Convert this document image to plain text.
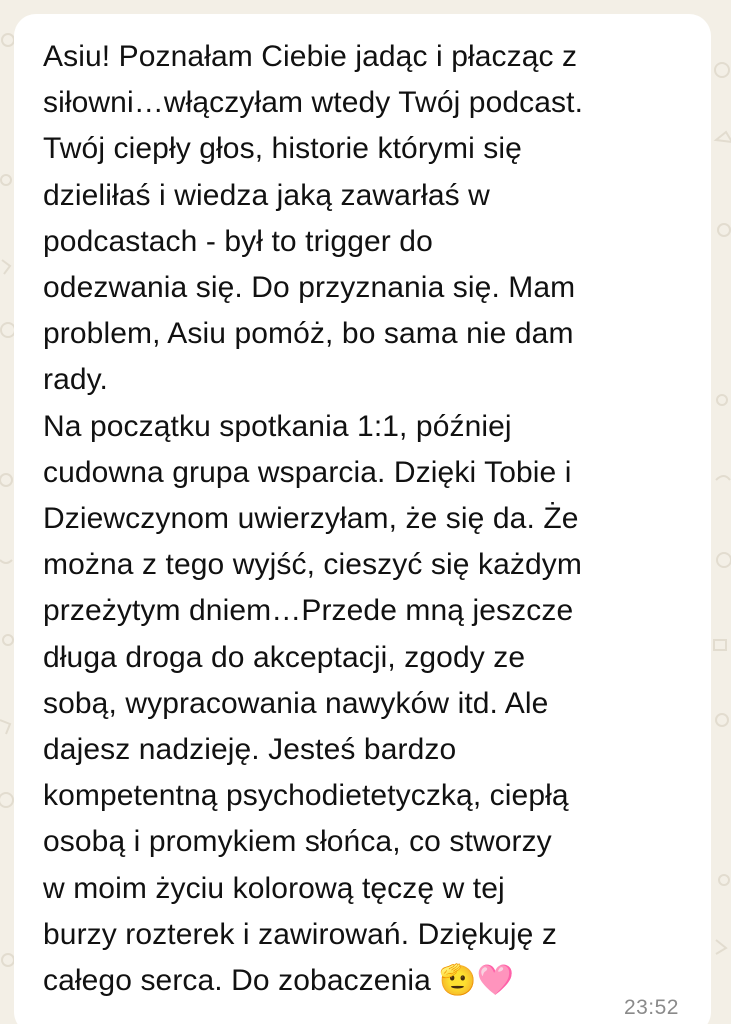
Asiu! Poznałam Ciebie jadąc i płacząc z
siłowni…włączyłam wtedy Twój podcast.
Twój ciepły głos, historie którymi się
dzieliłaś i wiedza jaką zawarłaś w
podcastach - był to trigger do
odezwania się. Do przyznania się. Mam
problem, Asiu pomóż, bo sama nie dam
rady.
Na początku spotkania 1:1, później
cudowna grupa wsparcia. Dzięki Tobie i
Dziewczynom uwierzyłam, że się da. Że
można z tego wyjść, cieszyć się każdym
przeżytym dniem…Przede mną jeszcze
długa droga do akceptacji, zgody ze
sobą, wypracowania nawyków itd. Ale
dajesz nadzieję. Jesteś bardzo
kompetentną psychodietetyczką, ciepłą
osobą i promykiem słońca, co stworzy
w moim życiu kolorową tęczę w tej
burzy rozterek i zawirowań. Dziękuję z
całego serca. Do zobaczenia 🫡🩷

23:52
